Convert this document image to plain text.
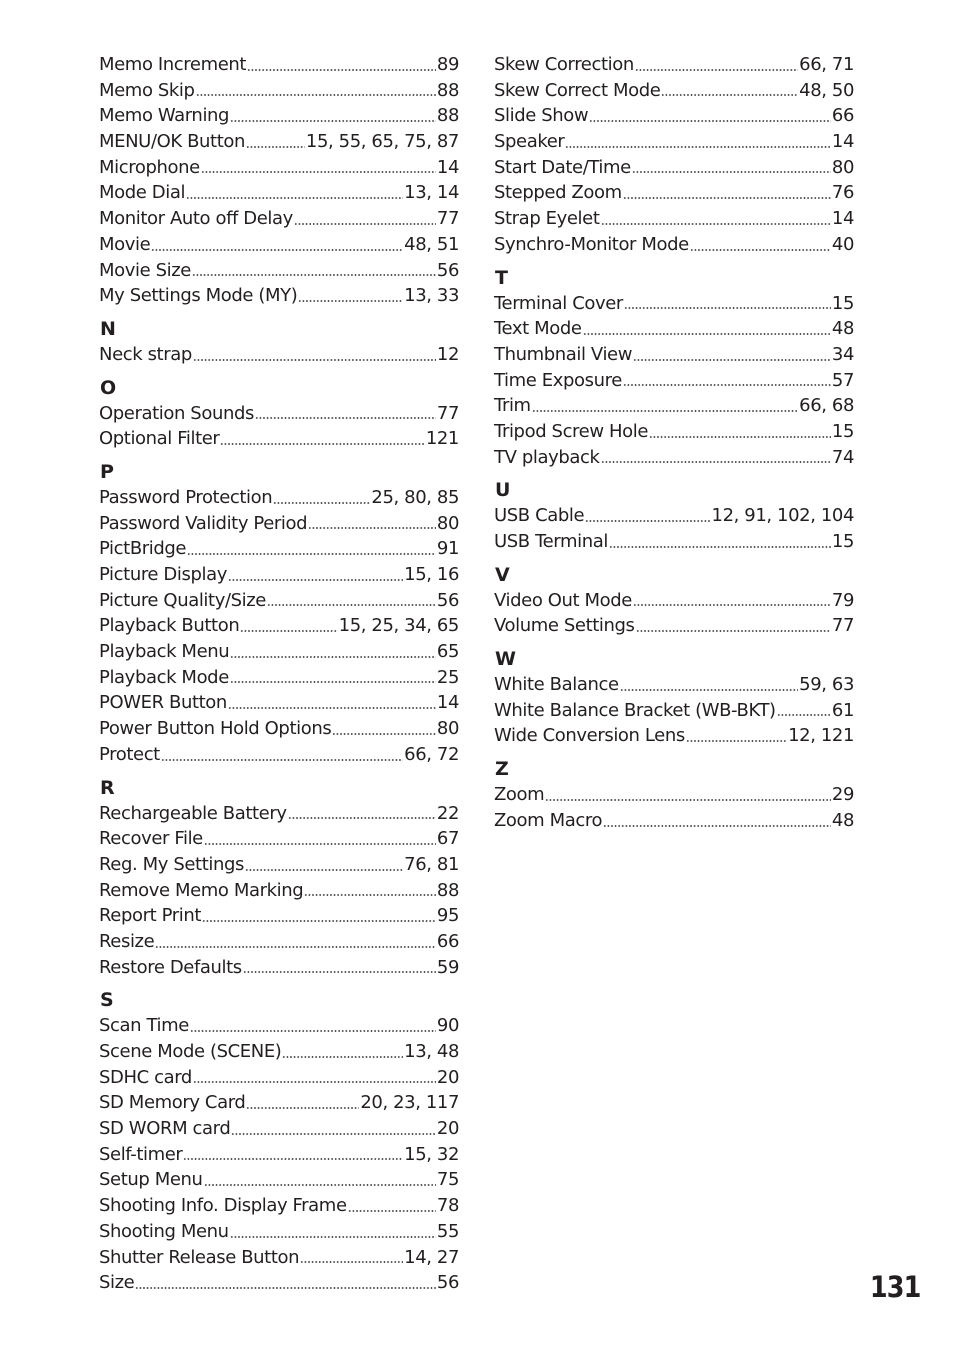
Memo Increment	89
Memo Skip	88
Memo Warning	88
MENU/OK Button	15, 55, 65, 75, 87
Microphone	14
Mode Dial	13, 14
Monitor Auto off Delay	77
Movie	48, 51
Movie Size	56
My Settings Mode (MY)	13, 33
N
Neck strap	12
O
Operation Sounds	77
Optional Filter	121
P
Password Protection	25, 80, 85
Password Validity Period	80
PictBridge	91
Picture Display	15, 16
Picture Quality/Size	56
Playback Button	15, 25, 34, 65
Playback Menu	65
Playback Mode	25
POWER Button	14
Power Button Hold Options	80
Protect	66, 72
R
Rechargeable Battery	22
Recover File	67
Reg. My Settings	76, 81
Remove Memo Marking	88
Report Print	95
Resize	66
Restore Defaults	59
S
Scan Time	90
Scene Mode (SCENE)	13, 48
SDHC card	20
SD Memory Card	20, 23, 117
SD WORM card	20
Self-timer	15, 32
Setup Menu	75
Shooting Info. Display Frame	78
Shooting Menu	55
Shutter Release Button	14, 27
Size	56
Skew Correction	66, 71
Skew Correct Mode	48, 50
Slide Show	66
Speaker	14
Start Date/Time	80
Stepped Zoom	76
Strap Eyelet	14
Synchro-Monitor Mode	40
T
Terminal Cover	15
Text Mode	48
Thumbnail View	34
Time Exposure	57
Trim	66, 68
Tripod Screw Hole	15
TV playback	74
U
USB Cable	12, 91, 102, 104
USB Terminal	15
V
Video Out Mode	79
Volume Settings	77
W
White Balance	59, 63
White Balance Bracket (WB-BKT)	61
Wide Conversion Lens	12, 121
Z
Zoom	29
Zoom Macro	48
131
